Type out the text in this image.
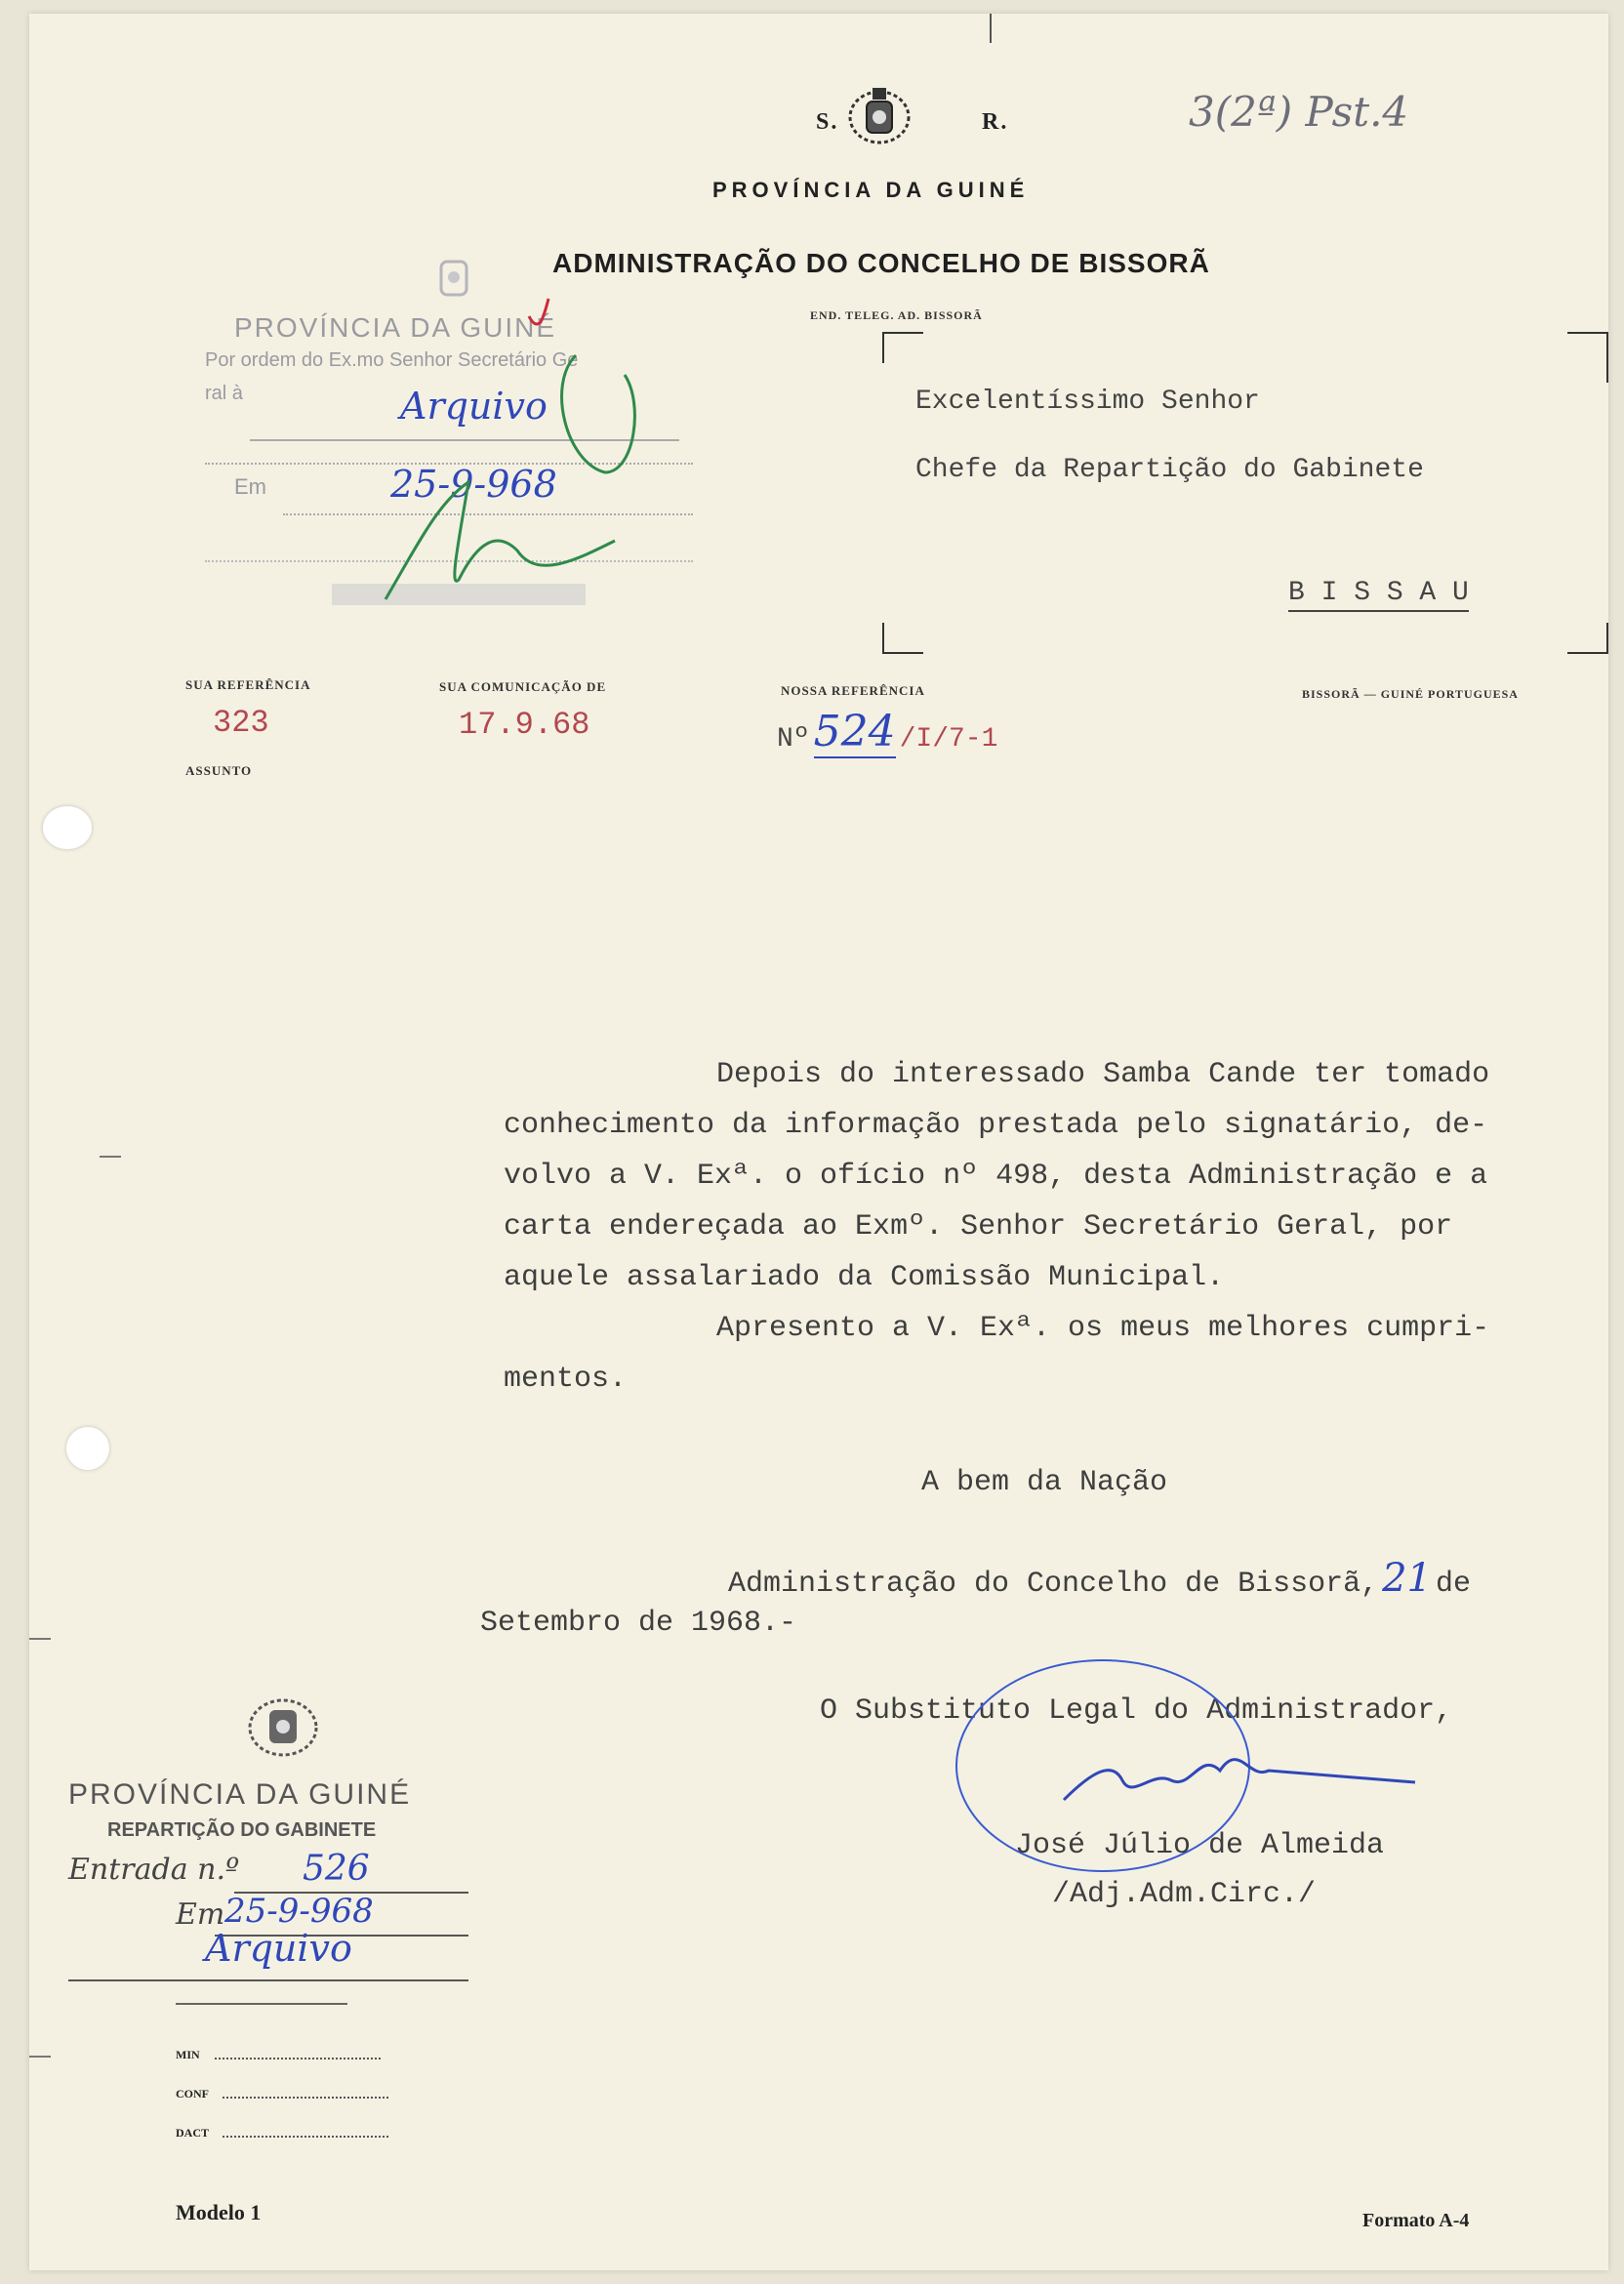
S.	R.
PROVÍNCIA DA GUINÉ
ADMINISTRAÇÃO DO CONCELHO DE BISSORÃ
END. TELEG. AD. BISSORÃ
3(2ª) Pst.4
PROVÍNCIA DA GUINÉ
Por ordem do Ex.mo Senhor Secretário Ge
ral à	Arquivo
Em	25-9-968
Excelentíssimo Senhor
Chefe da Repartição do Gabinete
B I S S A U
SUA REFERÊNCIA
323
ASSUNTO
SUA COMUNICAÇÃO DE
17.9.68
NOSSA REFERÊNCIA
Nº 524 /I/7-1
BISSORÃ — GUINÉ PORTUGUESA
Depois do interessado Samba Cande ter tomado
conhecimento da informação prestada pelo signatário, de-
volvo a V. Exª. o ofício nº 498, desta Administração e a
carta endereçada ao Exmº. Senhor Secretário Geral, por
aquele assalariado da Comissão Municipal.
Apresento a V. Exª. os meus melhores cumpri-
mentos.
A bem da Nação
Administração do Concelho de Bissorã, 21 de
Setembro de 1968.-
O Substituto Legal do Administrador,
José Júlio de Almeida
/Adj.Adm.Circ./
PROVÍNCIA DA GUINÉ
REPARTIÇÃO DO GABINETE
Entrada n.º 526
Em 25-9-968
Arquivo
MIN
CONF
DACT
Modelo 1	Formato A-4
